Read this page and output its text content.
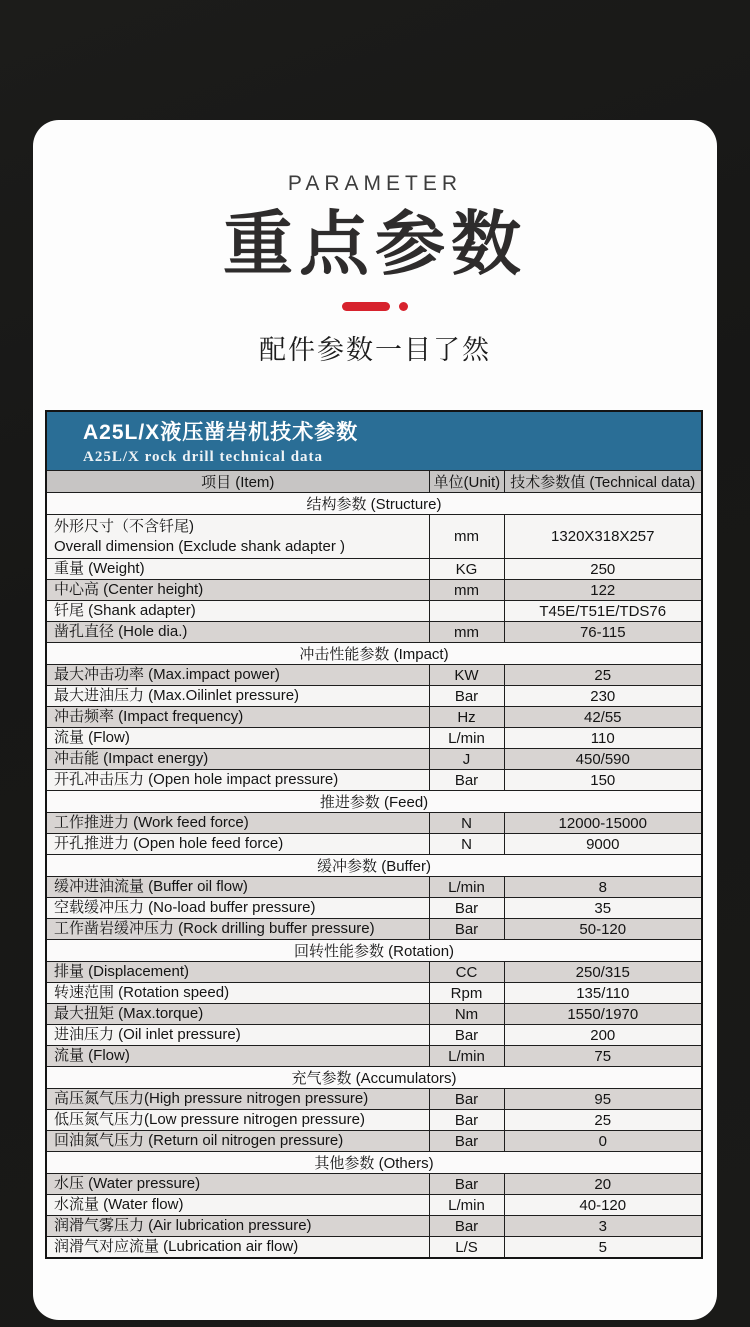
PARAMETER
重点参数
配件参数一目了然
A25L/X液压凿岩机技术参数
A25L/X rock drill technical data		

项目 (Item)	单位(Unit)	技术参数值 (Technical data)
结构参数 (Structure)		

外形尺寸（不含钎尾)
Overall dimension (Exclude shank adapter )	mm	1320X318X257
重量 (Weight)	KG	250
中心高 (Center height)	mm	122
钎尾 (Shank adapter)		T45E/T51E/TDS76
凿孔直径 (Hole dia.)	mm	76-115
冲击性能参数 (Impact)		
最大冲击功率 (Max.impact power)	KW	25
最大进油压力 (Max.Oilinlet pressure)	Bar	230
冲击频率 (Impact frequency)	Hz	42/55
流量 (Flow)	L/min	110
冲击能 (Impact energy)	J	450/590
开孔冲击压力 (Open hole impact pressure)	Bar	150
推进参数 (Feed)		
工作推进力 (Work feed force)	N	12000-15000
开孔推进力 (Open hole feed force)	N	9000
缓冲参数 (Buffer)		
缓冲进油流量 (Buffer oil flow)	L/min	8
空载缓冲压力 (No-load buffer pressure)	Bar	35
工作凿岩缓冲压力 (Rock drilling buffer pressure)	Bar	50-120
回转性能参数 (Rotation)		
排量 (Displacement)	CC	250/315
转速范围 (Rotation speed)	Rpm	135/110
最大扭矩 (Max.torque)	Nm	1550/1970
进油压力 (Oil inlet pressure)	Bar	200
流量 (Flow)	L/min	75
充气参数 (Accumulators)		
高压氮气压力(High pressure nitrogen pressure)	Bar	95
低压氮气压力(Low pressure nitrogen pressure)	Bar	25
回油氮气压力 (Return oil nitrogen pressure)	Bar	0
其他参数 (Others)		
水压 (Water pressure)	Bar	20
水流量 (Water flow)	L/min	40-120
润滑气雾压力 (Air lubrication pressure)	Bar	3
润滑气对应流量 (Lubrication air flow)	L/S	5
